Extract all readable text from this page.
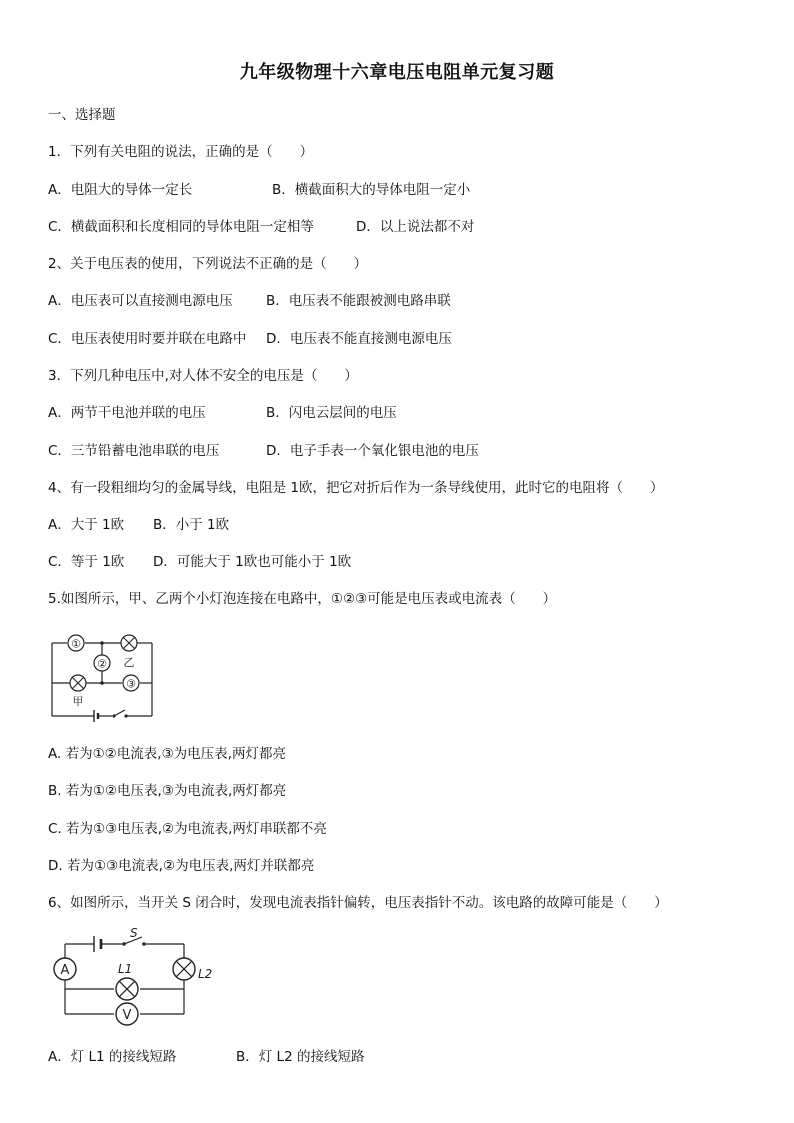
九年级物理十六章电压电阻单元复习题
一、选择题
1．下列有关电阻的说法，正确的是（　　）
A．电阻大的导体一定长	B．横截面积大的导体电阻一定小
C．横截面积和长度相同的导体电阻一定相等	D．以上说法都不对
2、关于电压表的使用，下列说法不正确的是（　　）
A．电压表可以直接测电源电压 B．电压表不能跟被测电路串联
C．电压表使用时要并联在电路中 D．电压表不能直接测电源电压
3．下列几种电压中,对人体不安全的电压是（　　）
A．两节干电池并联的电压	B．闪电云层间的电压
C．三节铅蓄电池串联的电压	D．电子手表一个氧化银电池的电压
4、有一段粗细均匀的金属导线，电阻是 1欧，把它对折后作为一条导线使用，此时它的电阻将（　　）
A．大于 1欧 B．小于 1欧
C．等于 1欧 D．可能大于 1欧也可能小于 1欧
5.如图所示，甲、乙两个小灯泡连接在电路中，①②③可能是电压表或电流表（　　）
①
② 乙
甲
③
A. 若为①②电流表,③为电压表,两灯都亮
B. 若为①②电压表,③为电流表,两灯都亮
C. 若为①③电压表,②为电流表,两灯串联都不亮
D. 若为①③电流表,②为电压表,两灯并联都亮
6、如图所示，当开关 S 闭合时，发现电流表指针偏转，电压表指针不动。该电路的故障可能是（　　）
S
A	L2
L1
V
A．灯 L1 的接线短路	B．灯 L2 的接线短路
